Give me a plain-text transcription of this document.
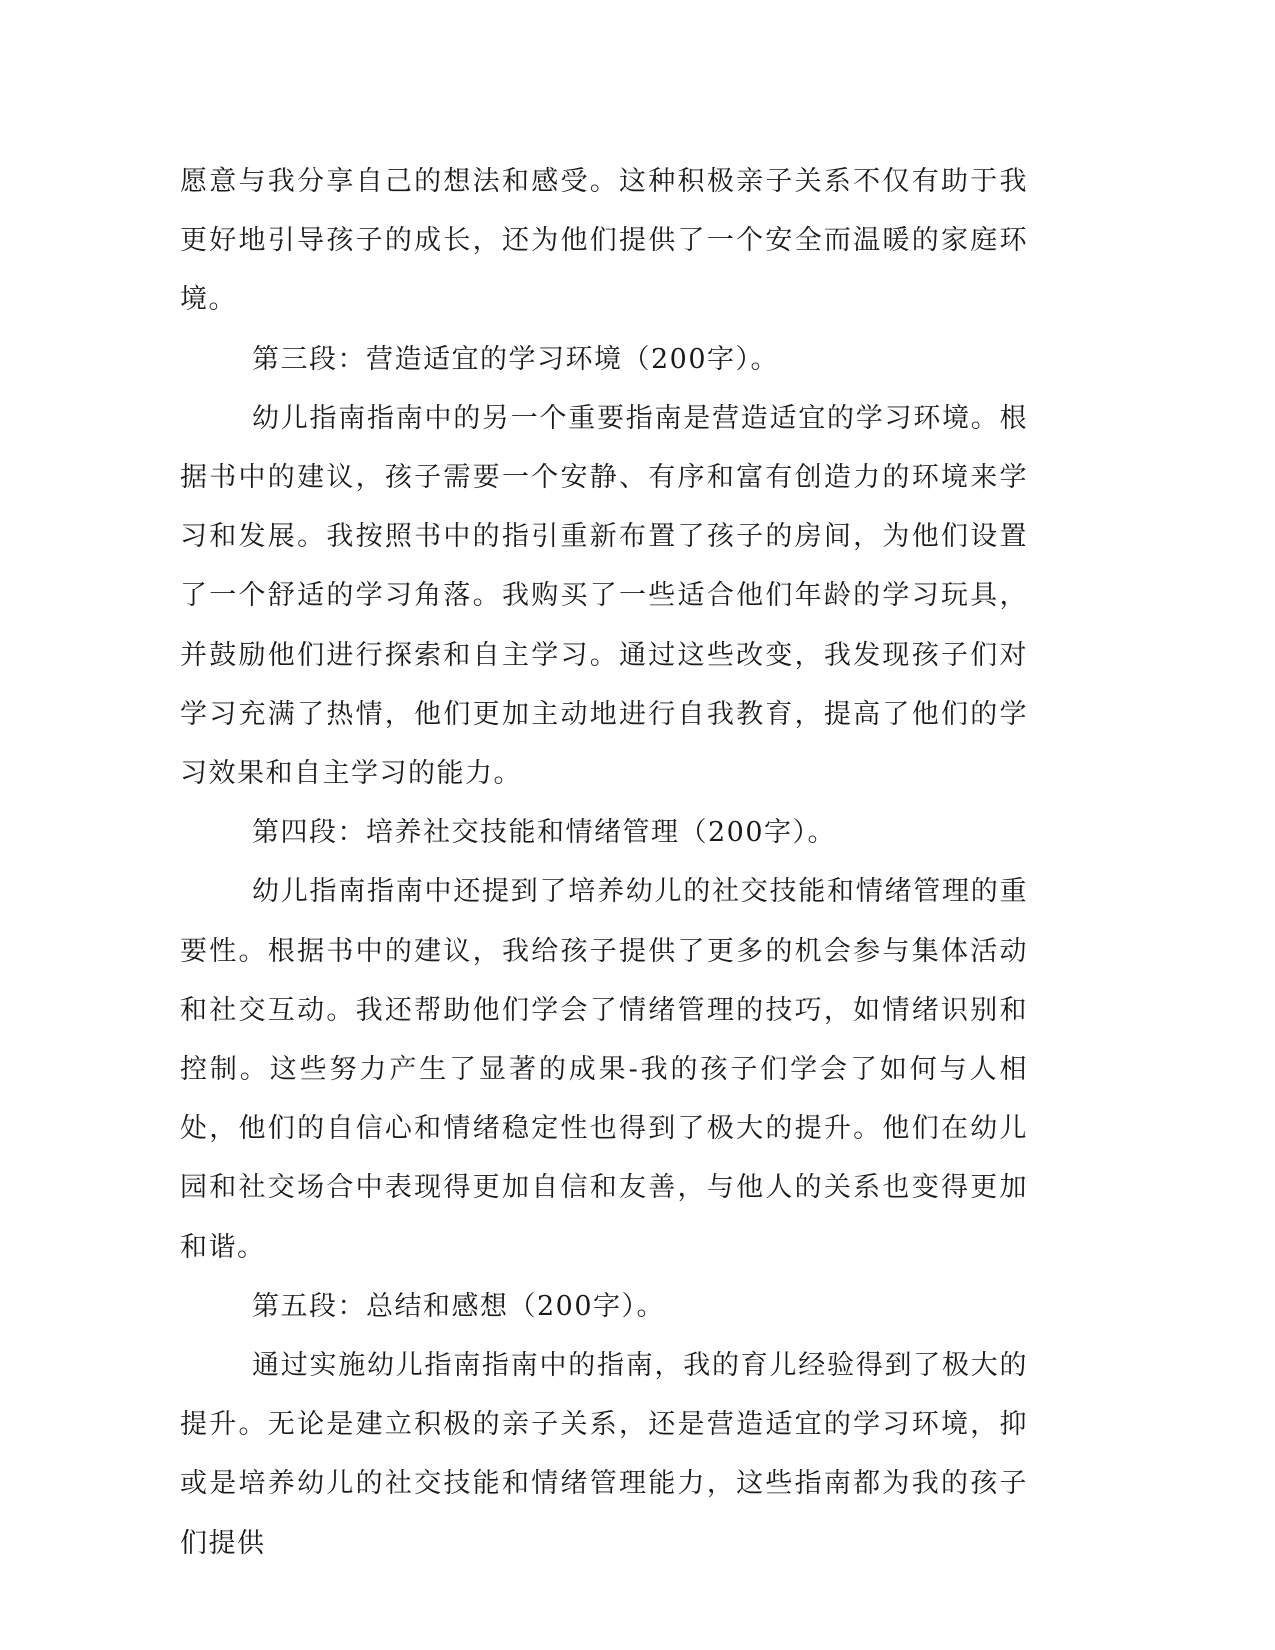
愿意与我分享自己的想法和感受。这种积极亲子关系不仅有助于我更好地引导孩子的成长，还为他们提供了一个安全而温暖的家庭环境。

第三段：营造适宜的学习环境（200字）。

幼儿指南指南中的另一个重要指南是营造适宜的学习环境。根据书中的建议，孩子需要一个安静、有序和富有创造力的环境来学习和发展。我按照书中的指引重新布置了孩子的房间，为他们设置了一个舒适的学习角落。我购买了一些适合他们年龄的学习玩具，并鼓励他们进行探索和自主学习。通过这些改变，我发现孩子们对学习充满了热情，他们更加主动地进行自我教育，提高了他们的学习效果和自主学习的能力。

第四段：培养社交技能和情绪管理（200字）。

幼儿指南指南中还提到了培养幼儿的社交技能和情绪管理的重要性。根据书中的建议，我给孩子提供了更多的机会参与集体活动和社交互动。我还帮助他们学会了情绪管理的技巧，如情绪识别和控制。这些努力产生了显著的成果-我的孩子们学会了如何与人相处，他们的自信心和情绪稳定性也得到了极大的提升。他们在幼儿园和社交场合中表现得更加自信和友善，与他人的关系也变得更加和谐。

第五段：总结和感想（200字）。

通过实施幼儿指南指南中的指南，我的育儿经验得到了极大的提升。无论是建立积极的亲子关系，还是营造适宜的学习环境，抑或是培养幼儿的社交技能和情绪管理能力，这些指南都为我的孩子们提供
